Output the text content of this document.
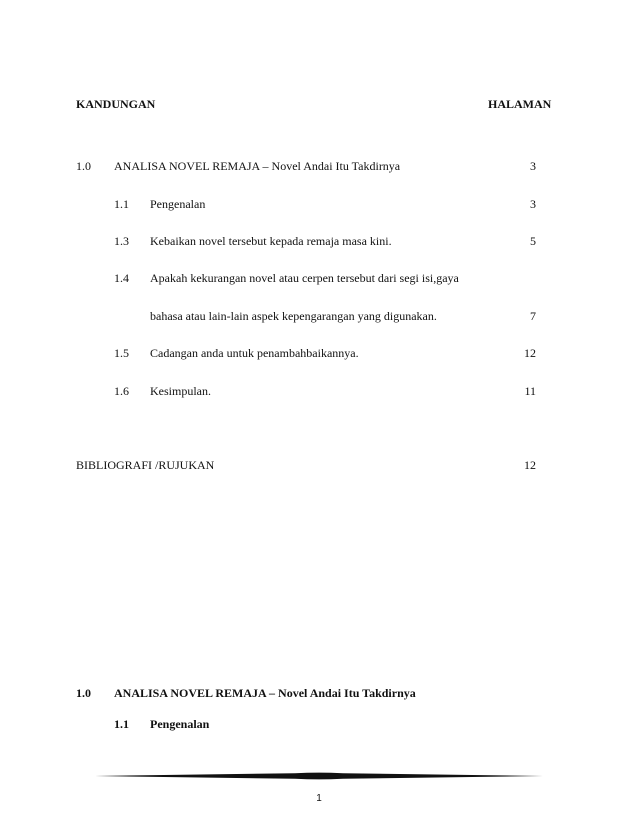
KANDUNGAN	HALAMAN
1.0 ANALISA NOVEL REMAJA – Novel Andai Itu Takdirnya	3
1.1 Pengenalan	3
1.3 Kebaikan novel tersebut kepada remaja masa kini.	5
1.4 Apakah kekurangan novel atau cerpen tersebut dari segi isi,gaya
bahasa atau lain-lain aspek kepengarangan yang digunakan.	7
1.5 Cadangan anda untuk penambahbaikannya.	12
1.6 Kesimpulan.	11
BIBLIOGRAFI /RUJUKAN	12
1.0 ANALISA NOVEL REMAJA – Novel Andai Itu Takdirnya
1.1 Pengenalan
1
